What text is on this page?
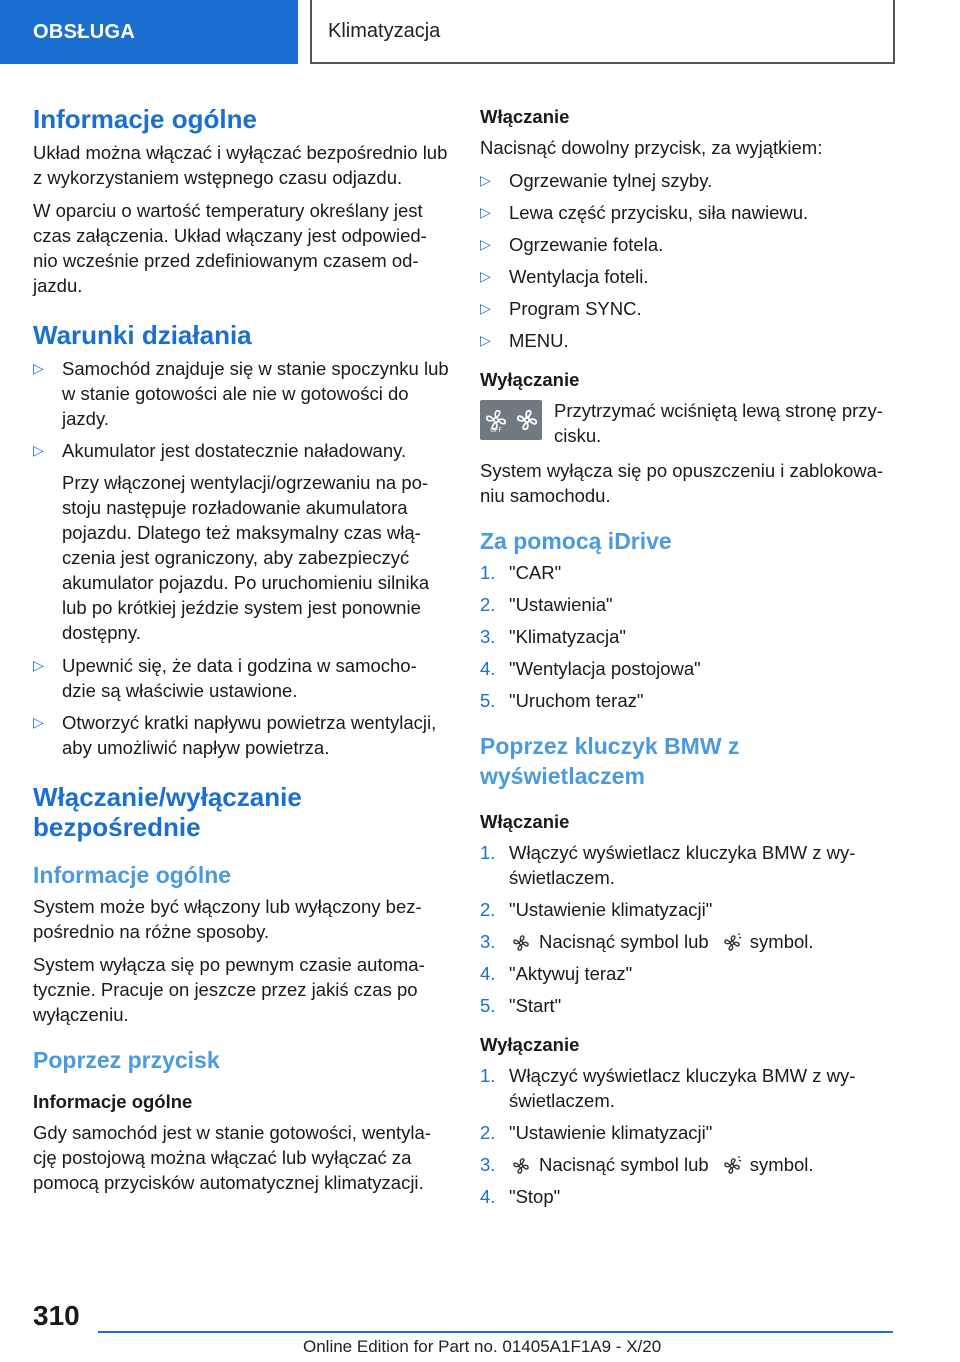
OBSŁUGA	Klimatyzacja
Informacje ogólne

Układ można włączać i wyłączać bezpośrednio lub z wykorzystaniem wstępnego czasu odjazdu.

W oparciu o wartość temperatury określany jest czas załączenia. Układ włączany jest odpowied- nio wcześnie przed zdefiniowanym czasem od- jazdu.

Warunki działania
▷ Samochód znajduje się w stanie spoczynku lub w stanie gotowości ale nie w gotowości do jazdy.
▷ Akumulator jest dostatecznie naładowany.

Przy włączonej wentylacji/ogrzewaniu na po- stoju następuje rozładowanie akumulatora pojazdu. Dlatego też maksymalny czas włą- czenia jest ograniczony, aby zabezpieczyć akumulator pojazdu. Po uruchomieniu silnika lub po krótkiej jeździe system jest ponownie dostępny.

▷ Upewnić się, że data i godzina w samocho- dzie są właściwie ustawione.
▷ Otworzyć kratki napływu powietrza wentylacji, aby umożliwić napływ powietrza.
Włączanie/wyłączanie bezpośrednie
Informacje ogólne

System może być włączony lub wyłączony bez- pośrednio na różne sposoby.

System wyłącza się po pewnym czasie automa- tycznie. Pracuje on jeszcze przez jakiś czas po wyłączeniu.

Poprzez przycisk
Informacje ogólne

Gdy samochód jest w stanie gotowości, wentyla- cję postojową można włączać lub wyłączać za pomocą przycisków automatycznej klimatyzacji.

Włączanie

Nacisnąć dowolny przycisk, za wyjątkiem:

▷ Ogrzewanie tylnej szyby.
▷ Lewa część przycisku, siła nawiewu.
▷ Ogrzewanie fotela.
▷ Wentylacja foteli.
▷ Program SYNC.
▷ MENU.
Wyłączanie
OFF

Przytrzymać wciśniętą lewą stronę przy- cisku.

System wyłącza się po opuszczeniu i zablokowa- niu samochodu.

Za pomocą iDrive
1. "CAR"
2. "Ustawienia"
3. "Klimatyzacja"
4. "Wentylacja postojowa"
5. "Uruchom teraz"
Poprzez kluczyk BMW z wyświetlaczem
Włączanie
1. Włączyć wyświetlacz kluczyka BMW z wy- świetlaczem.
2. "Ustawienie klimatyzacji"
3. Nacisnąć symbol lub symbol.
4. "Aktywuj teraz"
5. "Start"
Wyłączanie
1. Włączyć wyświetlacz kluczyka BMW z wy- świetlaczem.
2. "Ustawienie klimatyzacji"
3. Nacisnąć symbol lub symbol.
4. "Stop"
310
Online Edition for Part no. 01405A1F1A9 - X/20
